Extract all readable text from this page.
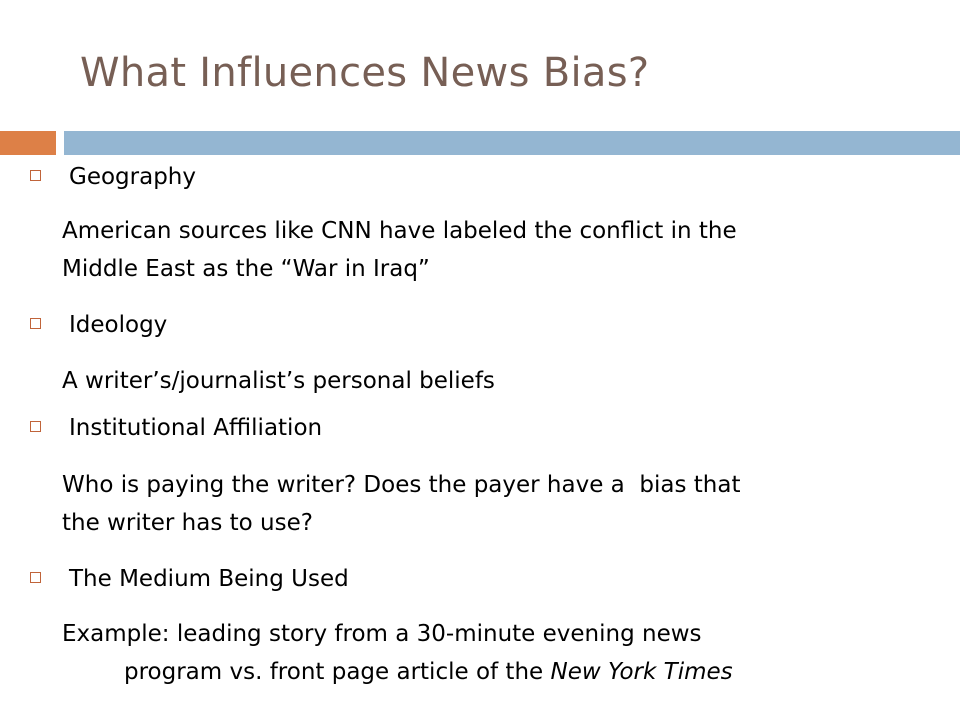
What Influences News Bias?
Geography
American sources like CNN have labeled the conflict in the
Middle East as the “War in Iraq”
Ideology
A writer’s/journalist’s personal beliefs
Institutional Affiliation
Who is paying the writer? Does the payer have a  bias that
the writer has to use?
The Medium Being Used
Example: leading story from a 30-minute evening news
program vs. front page article of the New York Times
